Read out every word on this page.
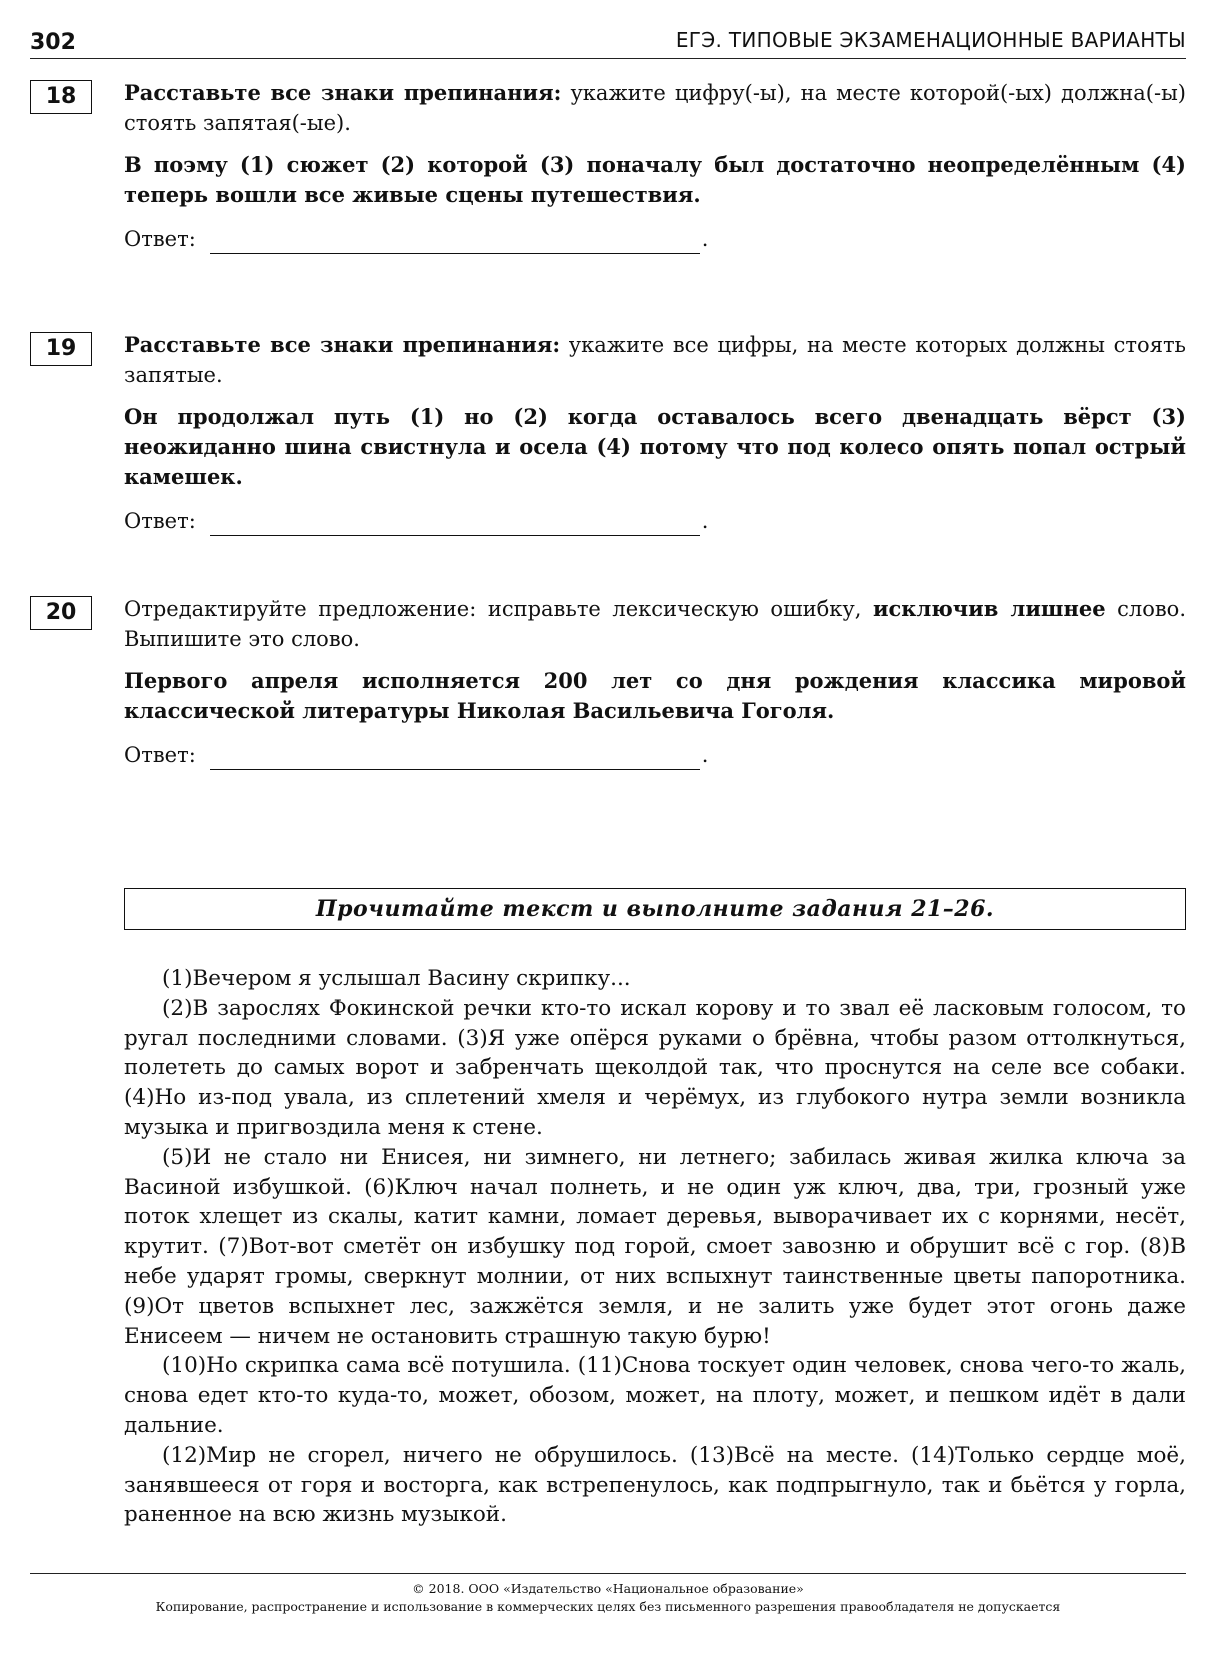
302	ЕГЭ. ТИПОВЫЕ ЭКЗАМЕНАЦИОННЫЕ ВАРИАНТЫ
18	Расставьте все знаки препинания: укажите цифру(-ы), на месте которой(-ых) должна(-ы) стоять запятая(-ые).

В поэму (1) сюжет (2) которой (3) поначалу был достаточно неопределённым (4) теперь вошли все живые сцены путешествия.

Ответ:	.
19	Расставьте все знаки препинания: укажите все цифры, на месте которых должны стоять запятые.

Он продолжал путь (1) но (2) когда оставалось всего двенадцать вёрст (3) неожиданно шина свистнула и осела (4) потому что под колесо опять попал острый камешек.

Ответ:	.
20	Отредактируйте предложение: исправьте лексическую ошибку, исключив лишнее слово. Выпишите это слово.

Первого апреля исполняется 200 лет со дня рождения классика мировой классической литературы Николая Васильевича Гоголя.

Ответ:	.
Прочитайте текст и выполните задания 21–26.

(1)Вечером я услышал Васину скрипку...

(2)В зарослях Фокинской речки кто-то искал корову и то звал её ласковым голосом, то ругал последними словами. (3)Я уже опёрся руками о брёвна, чтобы разом оттолкнуться, полететь до самых ворот и забренчать щеколдой так, что проснутся на селе все собаки. (4)Но из-под увала, из сплетений хмеля и черёмух, из глубокого нутра земли возникла музыка и пригвоздила меня к стене.

(5)И не стало ни Енисея, ни зимнего, ни летнего; забилась живая жилка ключа за Васиной избушкой. (6)Ключ начал полнеть, и не один уж ключ, два, три, грозный уже поток хлещет из скалы, катит камни, ломает деревья, выворачивает их с корнями, несёт, крутит. (7)Вот-вот сметёт он избушку под горой, смоет завозню и обрушит всё с гор. (8)В небе ударят громы, сверкнут молнии, от них вспыхнут таинственные цветы папоротника. (9)От цветов вспыхнет лес, зажжётся земля, и не залить уже будет этот огонь даже Енисеем — ничем не остановить страшную такую бурю!

(10)Но скрипка сама всё потушила. (11)Снова тоскует один человек, снова чего-то жаль, снова едет кто-то куда-то, может, обозом, может, на плоту, может, и пешком идёт в дали дальние.

(12)Мир не сгорел, ничего не обрушилось. (13)Всё на месте. (14)Только сердце моё, занявшееся от горя и восторга, как встрепенулось, как подпрыгнуло, так и бьётся у горла, раненное на всю жизнь музыкой.

© 2018. ООО «Издательство «Национальное образование»
Копирование, распространение и использование в коммерческих целях без письменного разрешения правообладателя не допускается
